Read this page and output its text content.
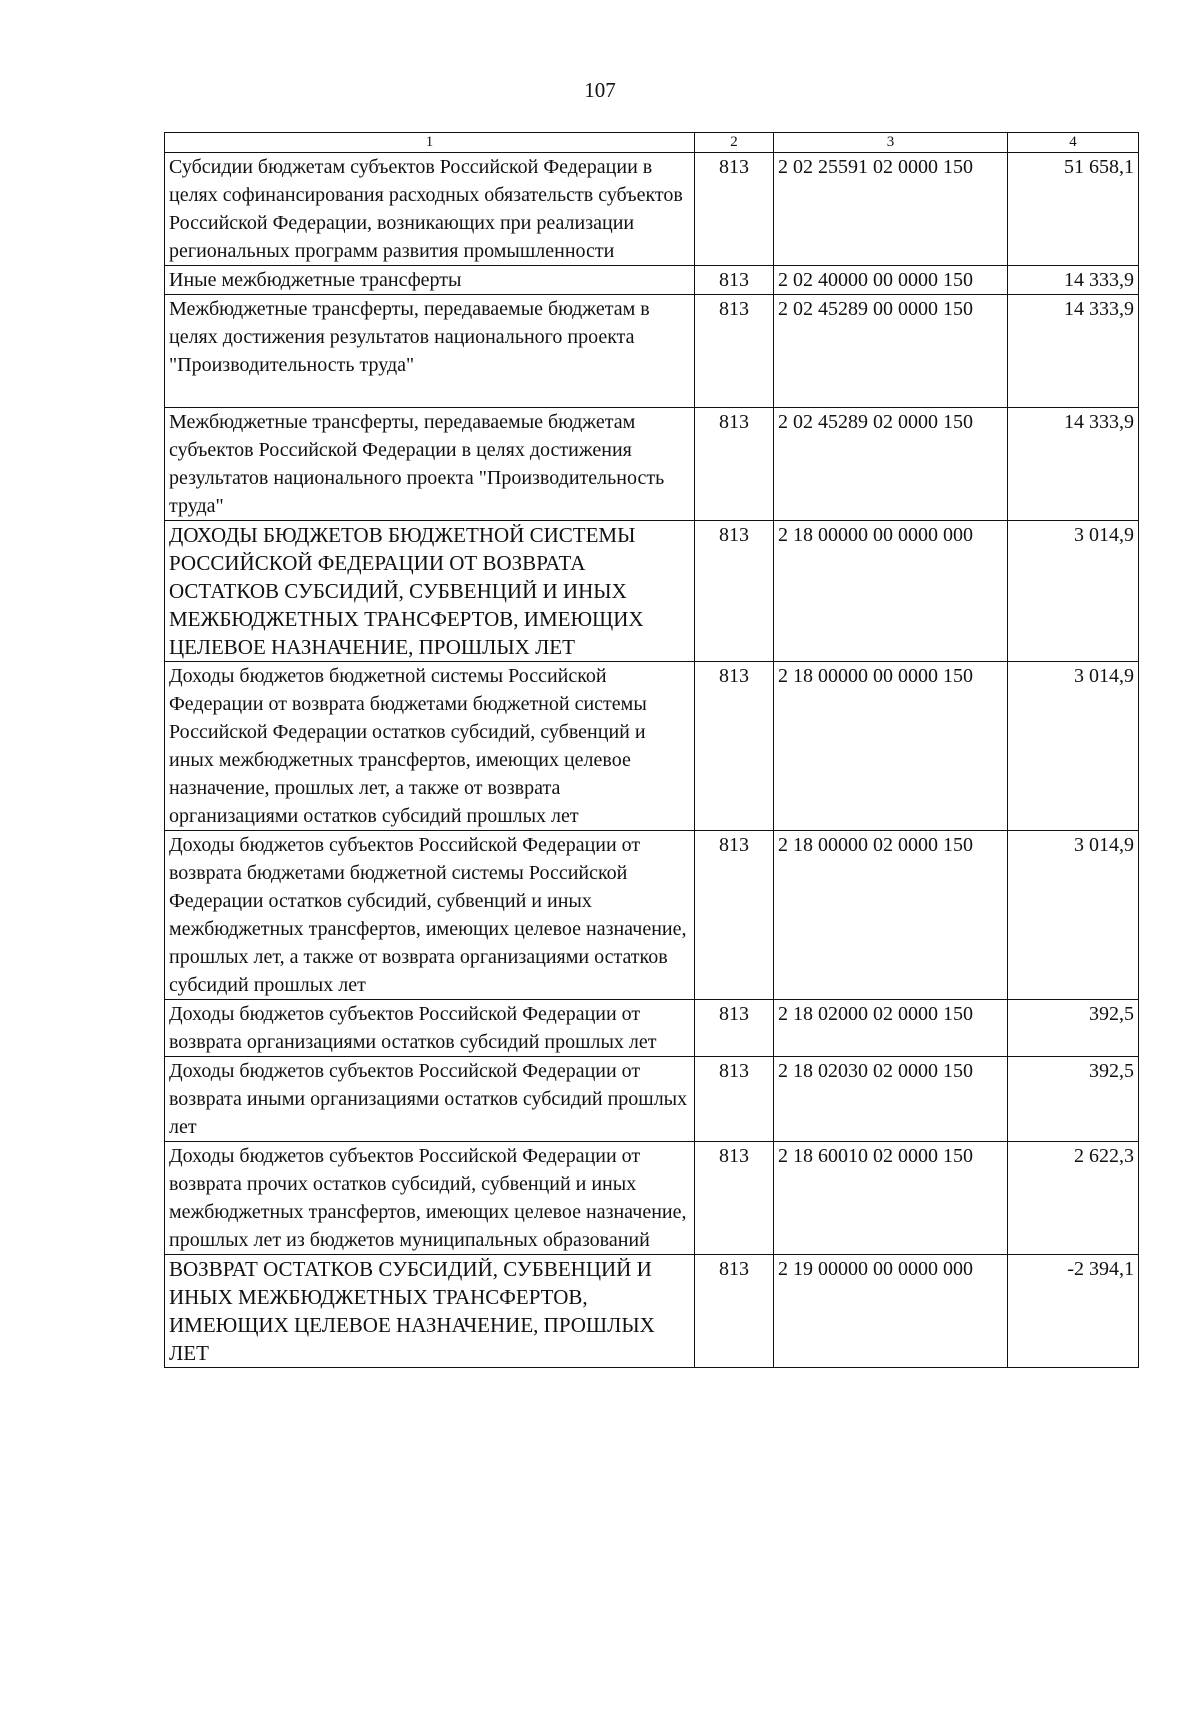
107
1	2	3	4
Субсидии бюджетам субъектов Российской Федерации в целях софинансирования расходных обязательств субъектов Российской Федерации, возникающих при реализации региональных программ развития промышленности	813	2 02 25591 02 0000 150	51 658,1
Иные межбюджетные трансферты	813	2 02 40000 00 0000 150	14 333,9
Межбюджетные трансферты, передаваемые бюджетам в целях достижения результатов национального проекта "Производительность труда"	813	2 02 45289 00 0000 150	14 333,9
Межбюджетные трансферты, передаваемые бюджетам субъектов Российской Федерации в целях достижения результатов национального проекта "Производительность труда"	813	2 02 45289 02 0000 150	14 333,9
ДОХОДЫ БЮДЖЕТОВ БЮДЖЕТНОЙ СИСТЕМЫ РОССИЙСКОЙ ФЕДЕРАЦИИ ОТ ВОЗВРАТА ОСТАТКОВ СУБСИДИЙ, СУБВЕНЦИЙ И ИНЫХ МЕЖБЮДЖЕТНЫХ ТРАНСФЕРТОВ, ИМЕЮЩИХ ЦЕЛЕВОЕ НАЗНАЧЕНИЕ, ПРОШЛЫХ ЛЕТ	813	2 18 00000 00 0000 000	3 014,9
Доходы бюджетов бюджетной системы Российской Федерации от возврата бюджетами бюджетной системы Российской Федерации остатков субсидий, субвенций и иных межбюджетных трансфертов, имеющих целевое назначение, прошлых лет, а также от возврата организациями остатков субсидий прошлых лет	813	2 18 00000 00 0000 150	3 014,9
Доходы бюджетов субъектов Российской Федерации от возврата бюджетами бюджетной системы Российской Федерации остатков субсидий, субвенций и иных межбюджетных трансфертов, имеющих целевое назначение, прошлых лет, а также от возврата организациями остатков субсидий прошлых лет	813	2 18 00000 02 0000 150	3 014,9
Доходы бюджетов субъектов Российской Федерации от возврата организациями остатков субсидий прошлых лет	813	2 18 02000 02 0000 150	392,5
Доходы бюджетов субъектов Российской Федерации от возврата иными организациями остатков субсидий прошлых лет	813	2 18 02030 02 0000 150	392,5
Доходы бюджетов субъектов Российской Федерации от возврата прочих остатков субсидий, субвенций и иных межбюджетных трансфертов, имеющих целевое назначение, прошлых лет из бюджетов муниципальных образований	813	2 18 60010 02 0000 150	2 622,3
ВОЗВРАТ ОСТАТКОВ СУБСИДИЙ, СУБВЕНЦИЙ И ИНЫХ МЕЖБЮДЖЕТНЫХ ТРАНСФЕРТОВ, ИМЕЮЩИХ ЦЕЛЕВОЕ НАЗНАЧЕНИЕ, ПРОШЛЫХ ЛЕТ	813	2 19 00000 00 0000 000	-2 394,1
